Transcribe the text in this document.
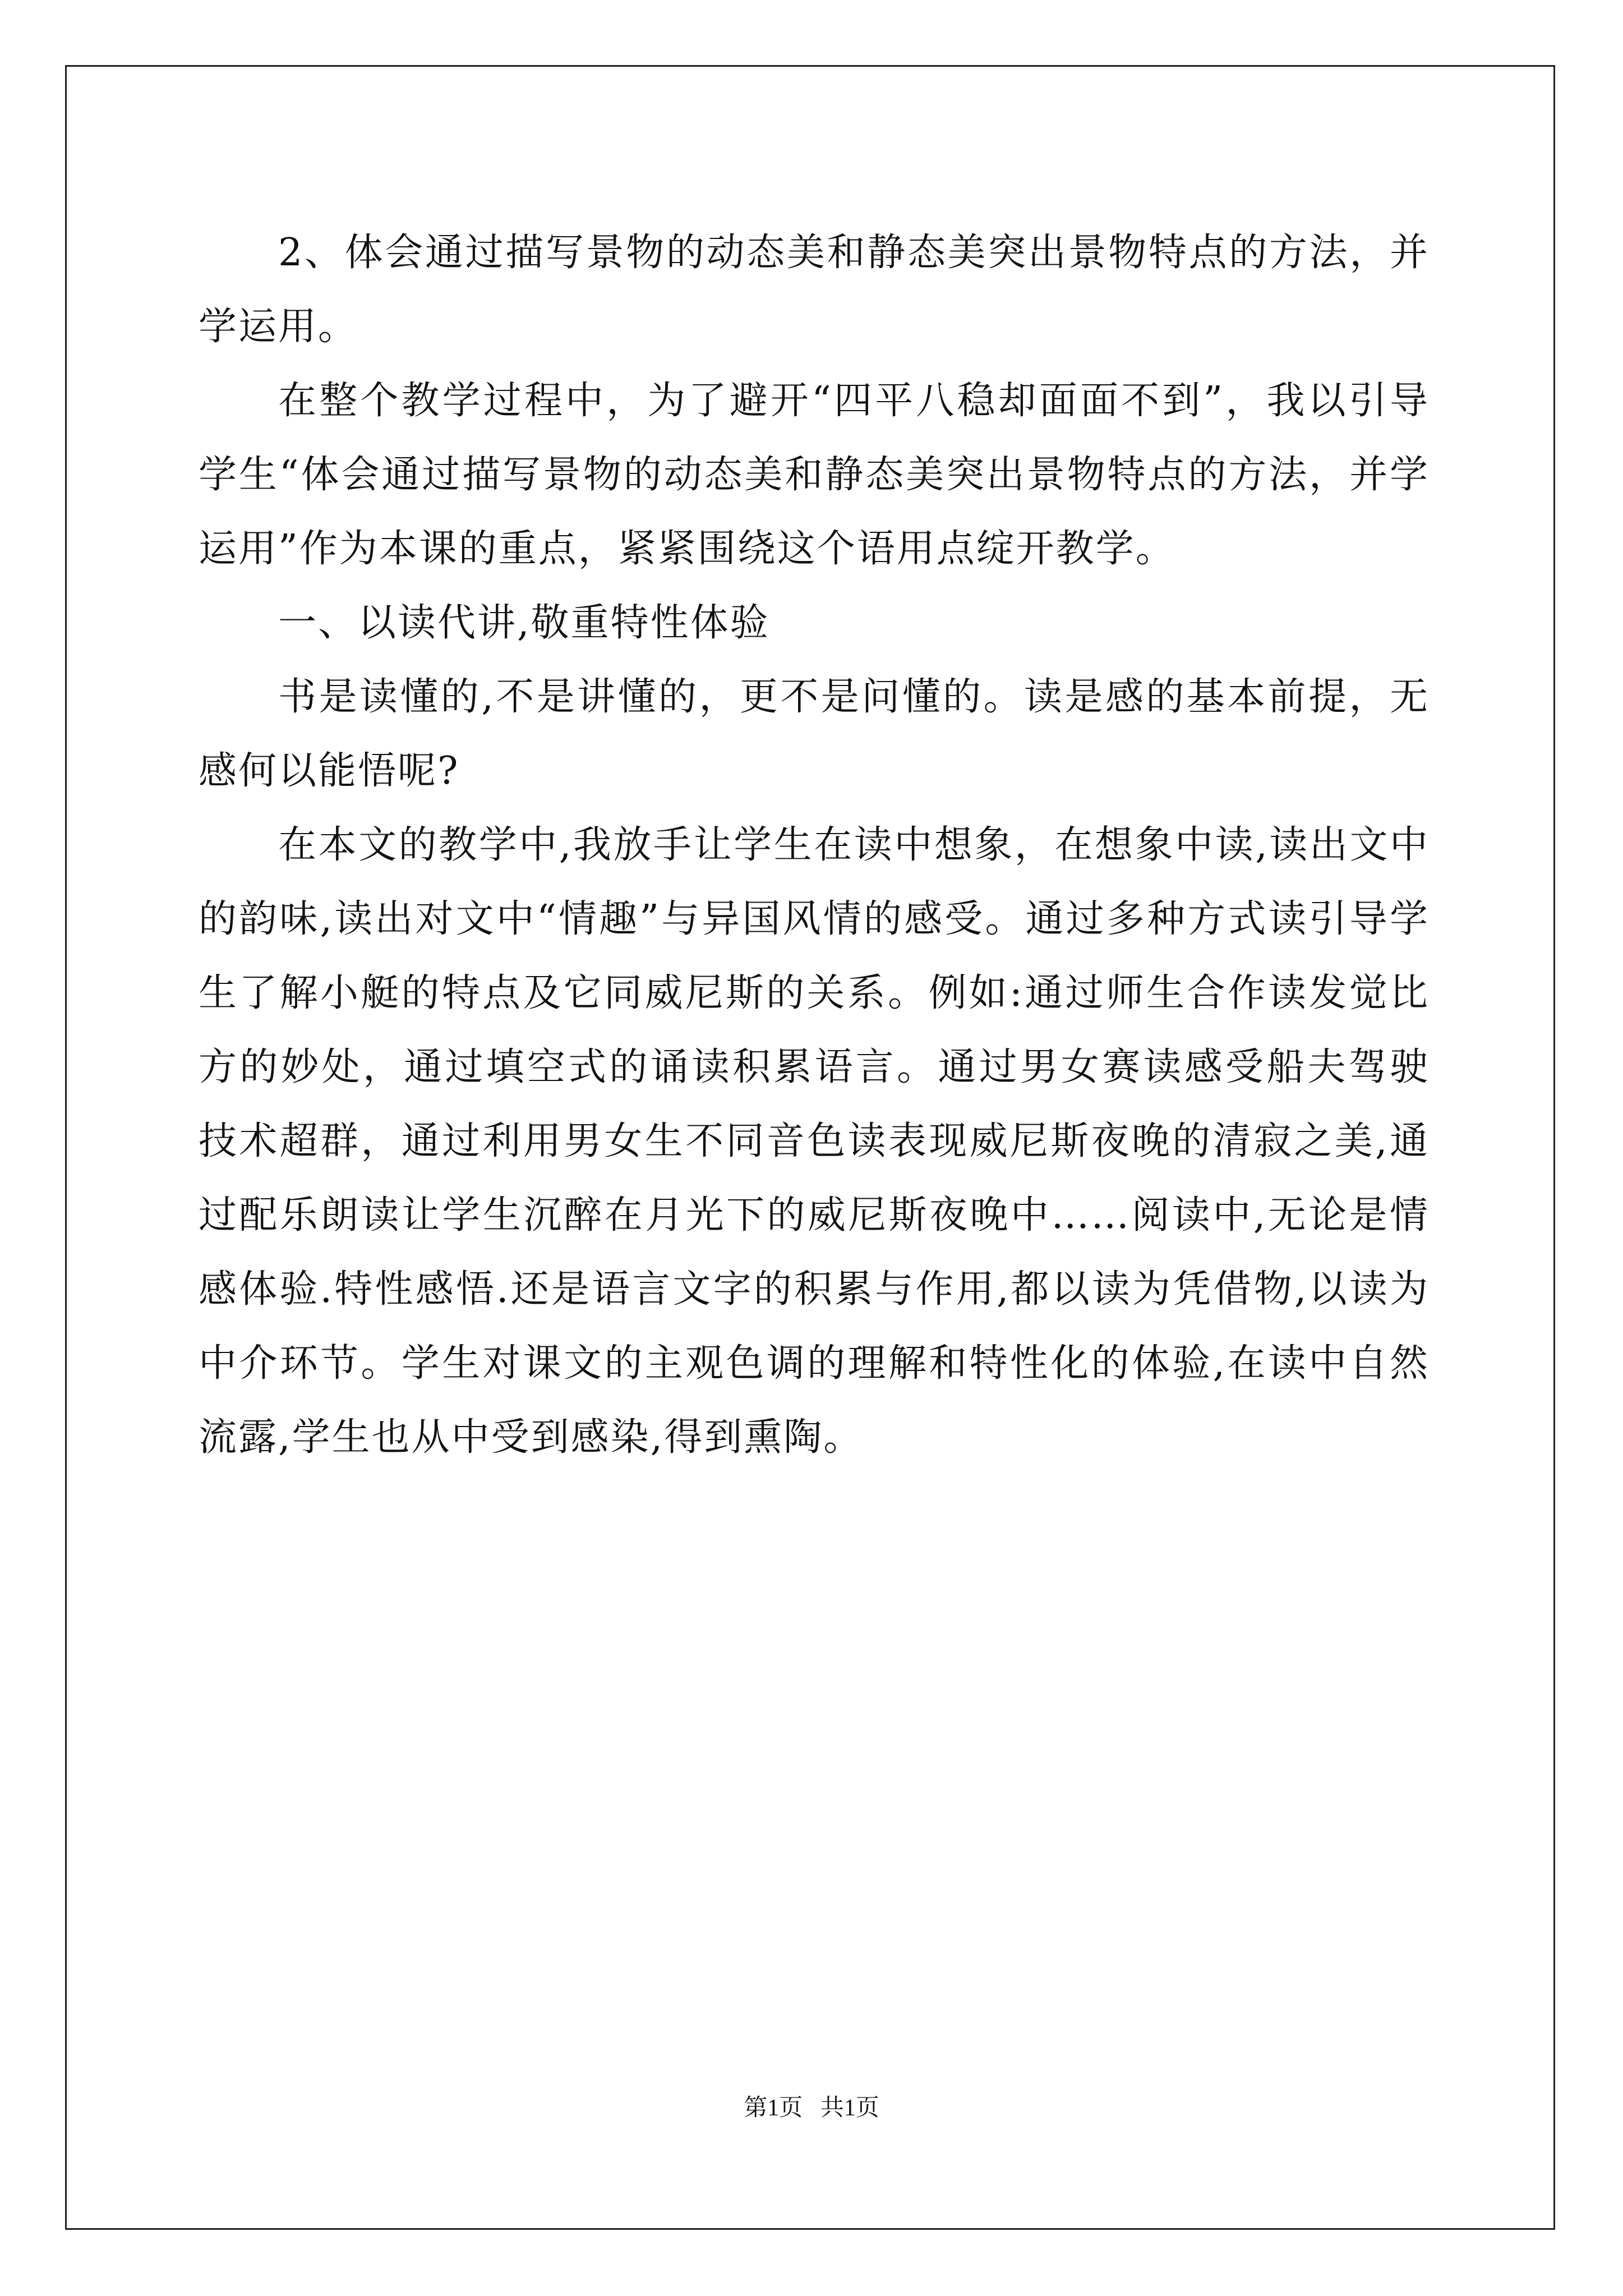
2、体会通过描写景物的动态美和静态美突出景物特点的方法，并学运用。

在整个教学过程中，为了避开“四平八稳却面面不到”，我以引导学生“体会通过描写景物的动态美和静态美突出景物特点的方法，并学运用”作为本课的重点，紧紧围绕这个语用点绽开教学。

一、以读代讲,敬重特性体验

书是读懂的,不是讲懂的，更不是问懂的。读是感的基本前提，无感何以能悟呢?

在本文的教学中,我放手让学生在读中想象，在想象中读,读出文中的韵味,读出对文中“情趣”与异国风情的感受。通过多种方式读引导学生了解小艇的特点及它同威尼斯的关系。例如:通过师生合作读发觉比方的妙处，通过填空式的诵读积累语言。通过男女赛读感受船夫驾驶技术超群，通过利用男女生不同音色读表现威尼斯夜晚的清寂之美,通过配乐朗读让学生沉醉在月光下的威尼斯夜晚中……阅读中,无论是情感体验.特性感悟.还是语言文字的积累与作用,都以读为凭借物,以读为中介环节。学生对课文的主观色调的理解和特性化的体验,在读中自然流露,学生也从中受到感染,得到熏陶。

第1页   共1页
